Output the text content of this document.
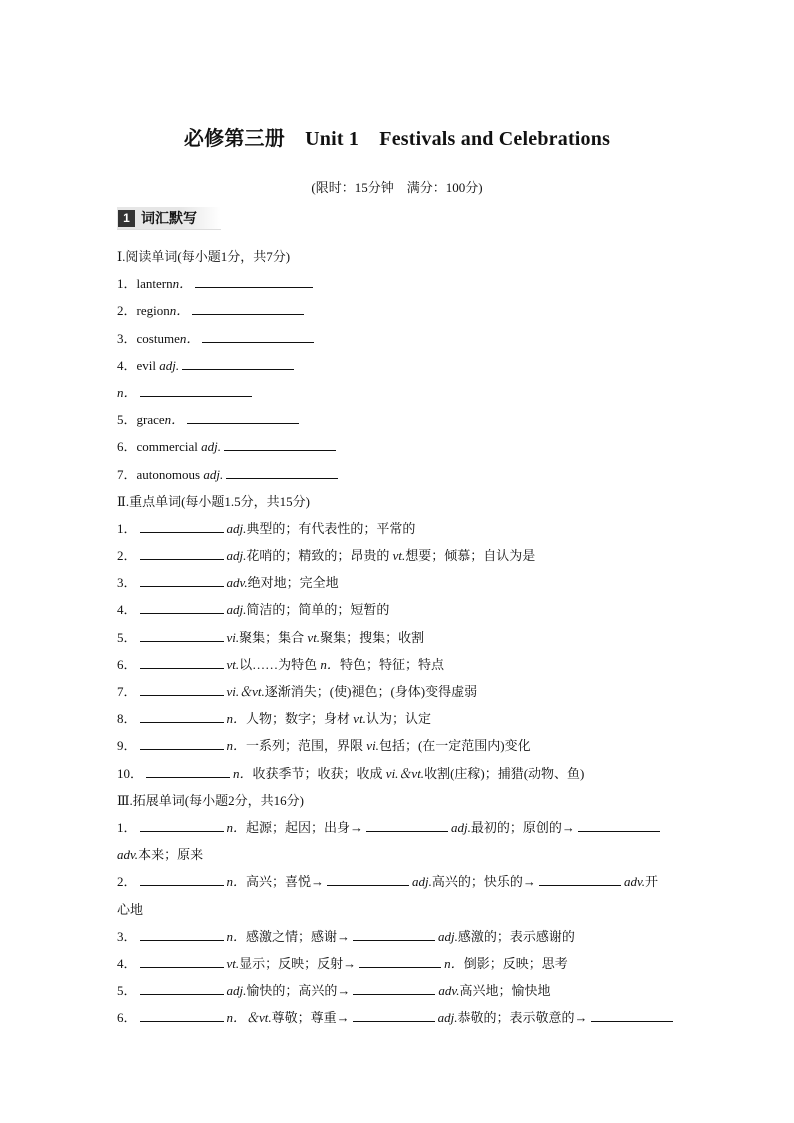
必修第三册　Unit 1　Festivals and Celebrations
(限时：15分钟　满分：100分)
1 词汇默写
Ⅰ.阅读单词(每小题1分，共7分)
1．lanternn．
2．regionn．
3．costumen．
4．evil adj.
n．
5．gracen．
6．commercial adj.
7．autonomous adj.
Ⅱ.重点单词(每小题1.5分，共15分)
1．	adj.典型的；有代表性的；平常的
2．	adj.花哨的；精致的；昂贵的 vt.想要；倾慕；自认为是
3．	adv.绝对地；完全地
4．	adj.简洁的；简单的；短暂的
5．	vi.聚集；集合 vt.聚集；搜集；收割
6．	vt.以……为特色 n．特色；特征；特点
7．	vi.＆vt.逐渐消失；(使)褪色；(身体)变得虚弱
8．	n．人物；数字；身材 vt.认为；认定
9．	n．一系列；范围，界限 vi.包括；(在一定范围内)变化
10．	n．收获季节；收获；收成 vi.＆vt.收割(庄稼)；捕猎(动物、鱼)
Ⅲ.拓展单词(每小题2分，共16分)
1．	n．起源；起因；出身→	adj.最初的；原创的→
adv.本来；原来
2．	n．高兴；喜悦→	adj.高兴的；快乐的→	adv.开
心地
3．	n．感激之情；感谢→	adj.感激的；表示感谢的
4．	vt.显示；反映；反射→	n．倒影；反映；思考
5．	adj.愉快的；高兴的→	adv.高兴地；愉快地
6．	n．＆vt.尊敬；尊重→	adj.恭敬的；表示敬意的→
